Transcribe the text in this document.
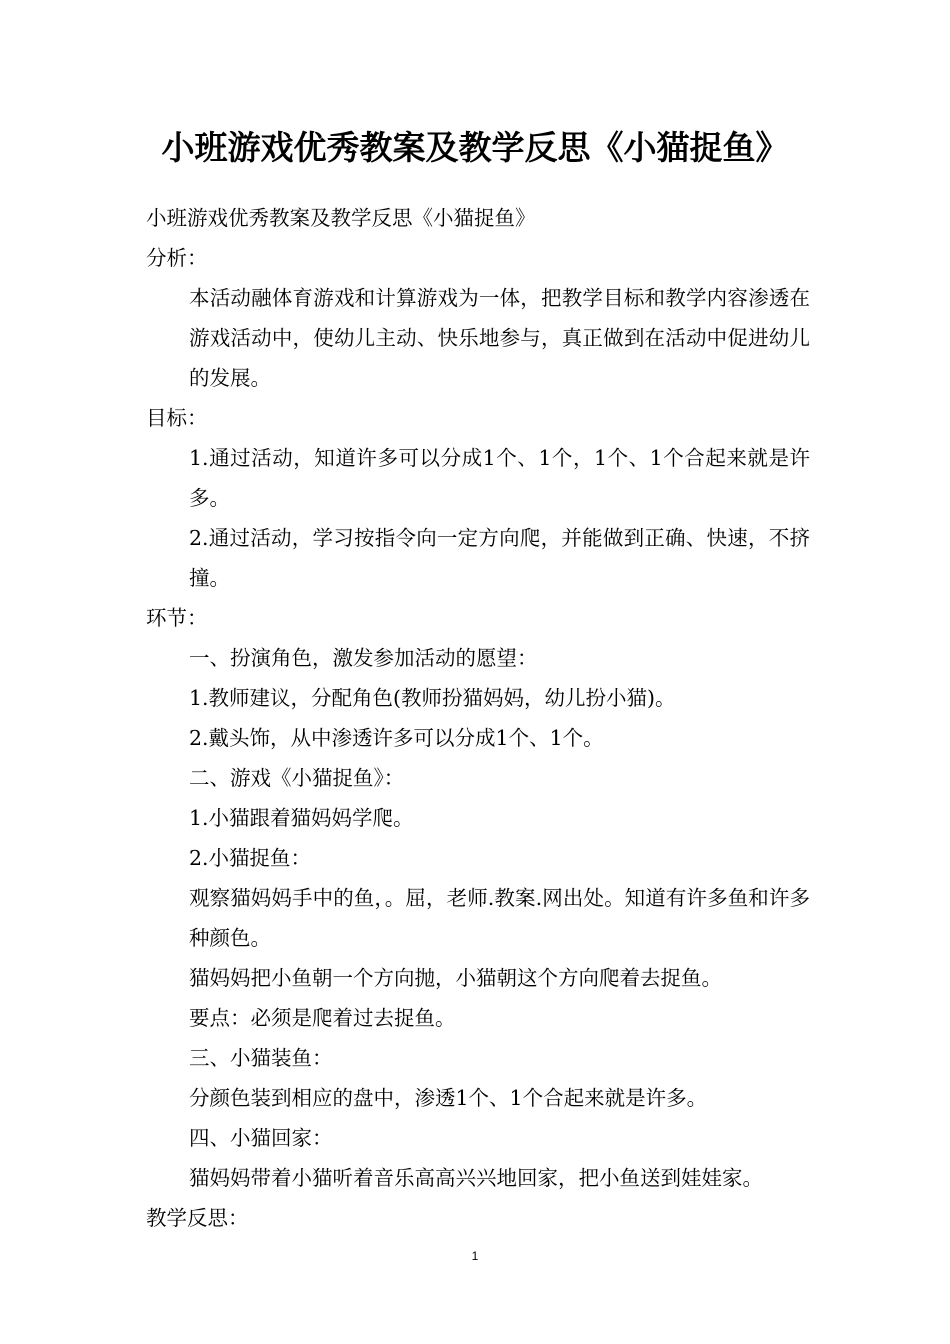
小班游戏优秀教案及教学反思《小猫捉鱼》

小班游戏优秀教案及教学反思《小猫捉鱼》

分析：

本活动融体育游戏和计算游戏为一体，把教学目标和教学内容渗透在游戏活动中，使幼儿主动、快乐地参与，真正做到在活动中促进幼儿的发展。

目标：

1.通过活动，知道许多可以分成1个、1个，1个、1个合起来就是许多。

2.通过活动，学习按指令向一定方向爬，并能做到正确、快速，不挤撞。

环节：

一、扮演角色，激发参加活动的愿望：

1.教师建议，分配角色(教师扮猫妈妈，幼儿扮小猫)。

2.戴头饰，从中渗透许多可以分成1个、1个。

二、游戏《小猫捉鱼》：

1.小猫跟着猫妈妈学爬。

2.小猫捉鱼：

观察猫妈妈手中的鱼，。屈，老师.教案.网出处。知道有许多鱼和许多种颜色。

猫妈妈把小鱼朝一个方向抛，小猫朝这个方向爬着去捉鱼。

要点：必须是爬着过去捉鱼。

三、小猫装鱼：

分颜色装到相应的盘中，渗透1个、1个合起来就是许多。

四、小猫回家：

猫妈妈带着小猫听着音乐高高兴兴地回家，把小鱼送到娃娃家。

教学反思：

1
